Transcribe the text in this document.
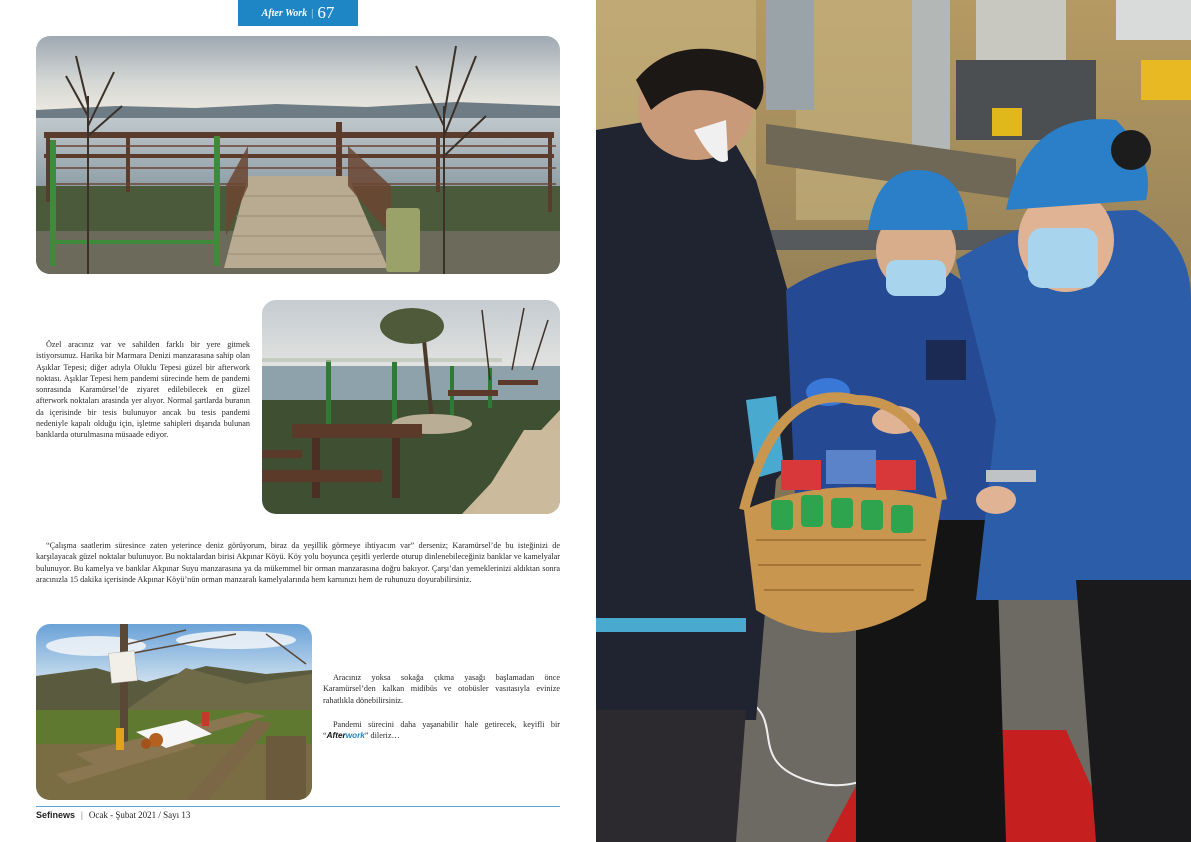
After Work | 67

Özel aracınız var ve sahilden farklı bir yere gitmek istiyorsunuz. Harika bir Marmara Denizi manzarasına sahip olan Aşıklar Tepesi; diğer adıyla Oluklu Tepesi güzel bir afterwork noktası. Aşıklar Tepesi hem pandemi sürecinde hem de pandemi sonrasında Karamürsel’de ziyaret edilebilecek en güzel afterwork noktaları arasında yer alıyor. Normal şartlarda buranın da içerisinde bir tesis bulunuyor ancak bu tesis pandemi nedeniyle kapalı olduğu için, işletme sahipleri dışarıda bulunan banklarda oturulmasına müsaade ediyor.

“Çalışma saatlerim süresince zaten yeterince deniz görüyorum, biraz da yeşillik görmeye ihtiyacım var” derseniz; Karamürsel’de bu isteğinizi de karşılayacak güzel noktalar bulunuyor. Bu noktalardan birisi Akpınar Köyü. Köy yolu boyunca çeşitli yerlerde oturup dinlenebileceğiniz banklar ve kamelyalar bulunuyor. Bu kamelya ve banklar Akpınar Suyu manzarasına ya da mükemmel bir orman manzarasına doğru bakıyor. Çarşı’dan yemeklerinizi aldıktan sonra aracınızla 15 dakika içerisinde Akpınar Köyü’nün orman manzaralı kamelyalarında hem karnınızı hem de ruhunuzu doyurabilirsiniz.

Aracınız yoksa sokağa çıkma yasağı başlamadan önce Karamürsel’den kalkan midibüs ve otobüsler vasıtasıyla evinize rahatlıkla dönebilirsiniz.

Pandemi sürecini daha yaşanabilir hale getirecek, keyifli bir “Afterwork” dileriz…

Sefinews | Ocak - Şubat 2021 / Sayı 13
